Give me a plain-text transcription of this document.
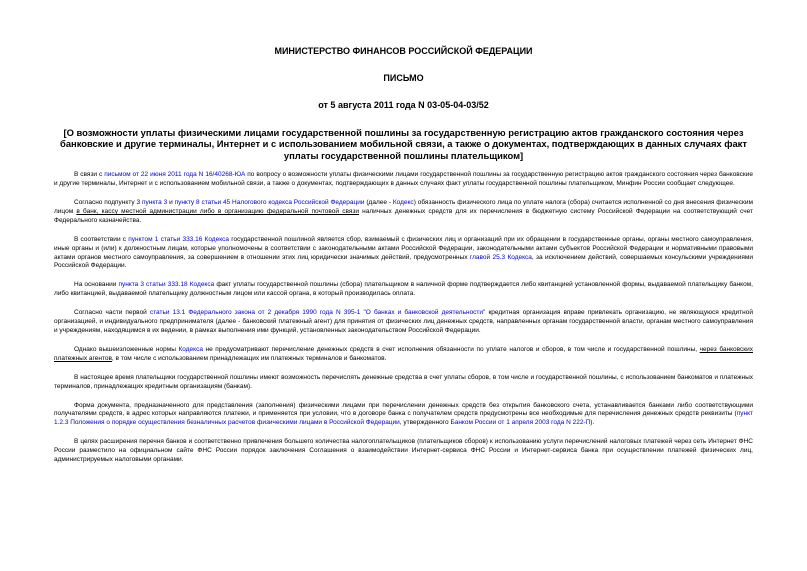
МИНИСТЕРСТВО ФИНАНСОВ РОССИЙСКОЙ ФЕДЕРАЦИИ
ПИСЬМО
от 5 августа 2011 года N 03-05-04-03/52
[О возможности уплаты физическими лицами государственной пошлины за государственную регистрацию актов гражданского состояния через банковские и другие терминалы, Интернет и с использованием мобильной связи, а также о документах, подтверждающих в данных случаях факт уплаты государственной пошлины плательщиком]

В связи с письмом от 22 июня 2011 года N 16/40268-ЮА по вопросу о возможности уплаты физическими лицами государственной пошлины за государственную регистрацию актов гражданского состояния через банковские и другие терминалы, Интернет и с использованием мобильной связи, а также о документах, подтверждающих в данных случаях факт уплаты государственной пошлины плательщиком, Минфин России сообщает следующее.

Согласно подпункту 3 пункта 3 и пункту 8 статьи 45 Налогового кодекса Российской Федерации (далее - Кодекс) обязанность физического лица по уплате налога (сбора) считается исполненной со дня внесения физическим лицом в банк, кассу местной администрации либо в организацию федеральной почтовой связи наличных денежных средств для их перечисления в бюджетную систему Российской Федерации на соответствующий счет Федерального казначейства.

В соответствии с пунктом 1 статьи 333.16 Кодекса государственной пошлиной является сбор, взимаемый с физических лиц и организаций при их обращении в государственные органы, органы местного самоуправления, иные органы и (или) к должностным лицам, которые уполномочены в соответствии с законодательными актами Российской Федерации, законодательными актами субъектов Российской Федерации и нормативными правовыми актами органов местного самоуправления, за совершением в отношении этих лиц юридически значимых действий, предусмотренных главой 25.3 Кодекса, за исключением действий, совершаемых консульскими учреждениями Российской Федерации.

На основании пункта 3 статьи 333.18 Кодекса факт уплаты государственной пошлины (сбора) плательщиком в наличной форме подтверждается либо квитанцией установленной формы, выдаваемой плательщику банком, либо квитанцией, выдаваемой плательщику должностным лицом или кассой органа, в который производилась оплата.

Согласно части первой статьи 13.1 Федерального закона от 2 декабря 1990 года N 395-1 "О банках и банковской деятельности" кредитная организация вправе привлекать организацию, не являющуюся кредитной организацией, и индивидуального предпринимателя (далее - банковский платежный агент) для принятия от физических лиц денежных средств, направленных органам государственной власти, органам местного самоуправления и учреждениям, находящимся в их ведении, в рамках выполнения ими функций, установленных законодательством Российской Федерации.

Однако вышеизложенные нормы Кодекса не предусматривают перечисление денежных средств в счет исполнения обязанности по уплате налогов и сборов, в том числе и государственной пошлины, через банковских платежных агентов, в том числе с использованием принадлежащих им платежных терминалов и банкоматов.

В настоящее время плательщики государственной пошлины имеют возможность перечислять денежные средства в счет уплаты сборов, в том числе и государственной пошлины, с использованием банкоматов и платежных терминалов, принадлежащих кредитным организациям (банкам).

Форма документа, предназначенного для представления (заполнения) физическими лицами при перечислении денежных средств без открытия банковского счета, устанавливается банками либо соответствующими получателями средств, в адрес которых направляются платежи, и применяется при условии, что в договоре банка с получателем средств предусмотрены все необходимые для перечисления денежных средств реквизиты (пункт 1.2.3 Положения о порядке осуществления безналичных расчетов физическими лицами в Российской Федерации, утвержденного Банком России от 1 апреля 2003 года N 222-П).

В целях расширения перечня банков и соответственно привлечения большего количества налогоплательщиков (плательщиков сборов) к использованию услуги перечислений налоговых платежей через сеть Интернет ФНС России разместило на официальном сайте ФНС России порядок заключения Соглашения о взаимодействии Интернет-сервиса ФНС России и Интернет-сервиса банка при осуществлении платежей физических лиц, администрируемых налоговыми органами.
